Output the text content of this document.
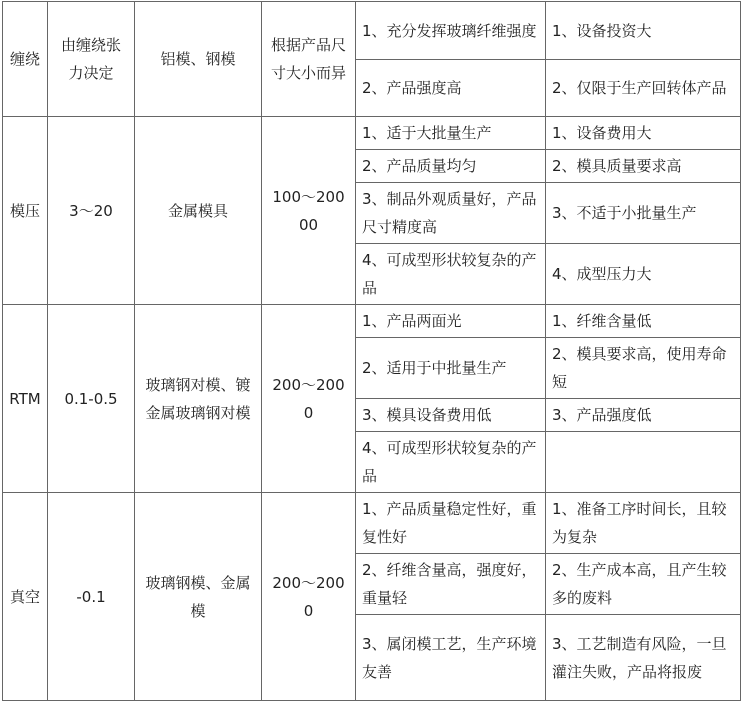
缠绕	由缠绕张力决定	铝模、钢模	根据产品尺寸大小而异	1、充分发挥玻璃纤维强度	1、设备投资大
				2、产品强度高	2、仅限于生产回转体产品
模压	3～20	金属模具	100～20000	1、适于大批量生产	1、设备费用大
				2、产品质量均匀	2、模具质量要求高
				3、制品外观质量好，产品尺寸精度高	3、不适于小批量生产
				4、可成型形状较复杂的产品	4、成型压力大
RTM	0.1-0.5	玻璃钢对模、镀金属玻璃钢对模	200～2000	1、产品两面光	1、纤维含量低
				2、适用于中批量生产	2、模具要求高，使用寿命短
				3、模具设备费用低	3、产品强度低
				4、可成型形状较复杂的产品	
真空	-0.1	玻璃钢模、金属模	200～2000	1、产品质量稳定性好，重复性好	1、准备工序时间长，且较为复杂
				2、纤维含量高，强度好，重量轻	2、生产成本高，且产生较多的废料
				3、属闭模工艺，生产环境友善	3、工艺制造有风险，一旦灌注失败，产品将报废
